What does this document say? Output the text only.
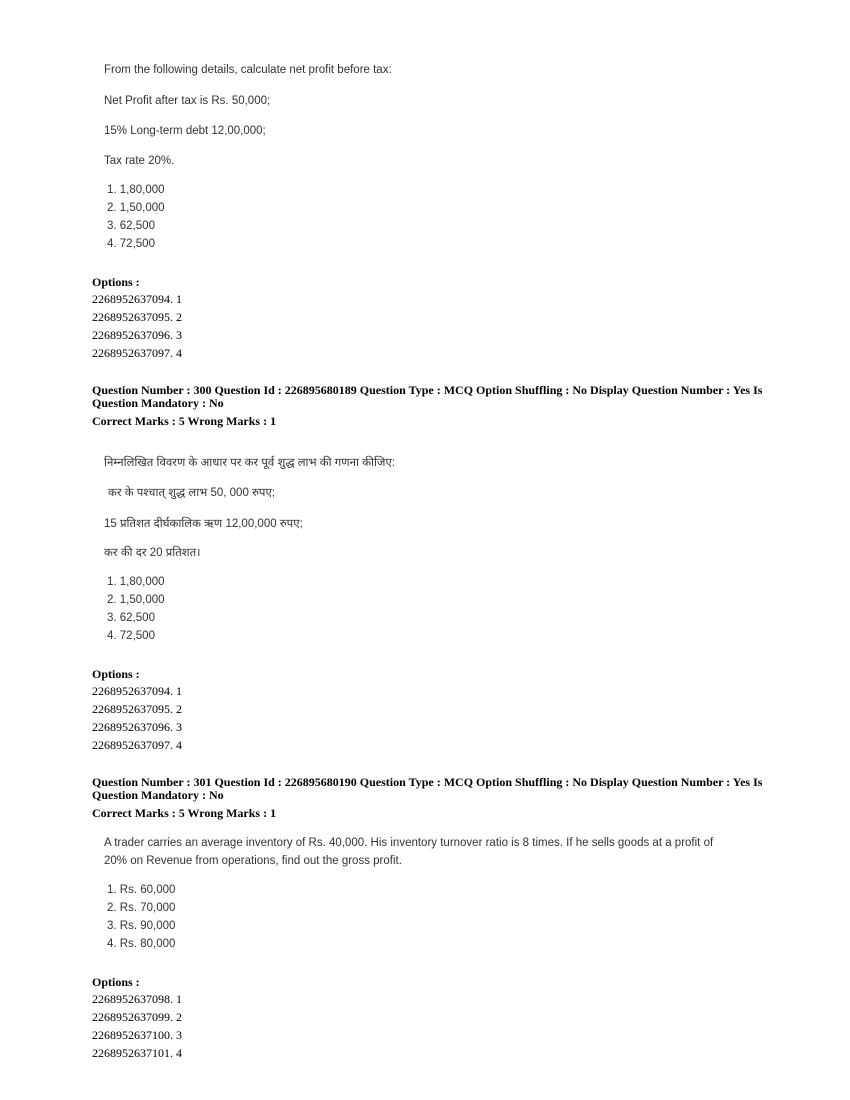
From the following details, calculate net profit before tax:

Net Profit after tax is Rs. 50,000;

15% Long-term debt 12,00,000;

Tax rate 20%.

1. 1,80,000
2. 1,50,000
3. 62,500
4. 72,500
Options :
2268952637094. 1
2268952637095. 2
2268952637096. 3
2268952637097. 4
Question Number : 300 Question Id : 226895680189 Question Type : MCQ Option Shuffling : No Display Question Number : Yes Is Question Mandatory : No
Correct Marks : 5 Wrong Marks : 1

निम्नलिखित विवरण के आधार पर कर पूर्व शुद्ध लाभ की गणना कीजिए:

कर के पश्चात् शुद्ध लाभ 50, 000 रुपए;

15 प्रतिशत दीर्घकालिक ऋण 12,00,000 रुपए;

कर की दर 20 प्रतिशत।

1. 1,80,000
2. 1,50,000
3. 62,500
4. 72,500
Options :
2268952637094. 1
2268952637095. 2
2268952637096. 3
2268952637097. 4
Question Number : 301 Question Id : 226895680190 Question Type : MCQ Option Shuffling : No Display Question Number : Yes Is Question Mandatory : No
Correct Marks : 5 Wrong Marks : 1

A trader carries an average inventory of Rs. 40,000. His inventory turnover ratio is 8 times. If he sells goods at a profit of

20% on Revenue from operations, find out the gross profit.

1. Rs. 60,000
2. Rs. 70,000
3. Rs. 90,000
4. Rs. 80,000
Options :
2268952637098. 1
2268952637099. 2
2268952637100. 3
2268952637101. 4
